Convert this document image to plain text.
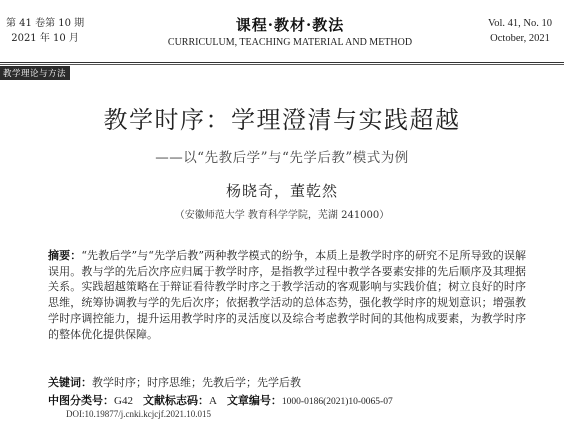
第 41 卷第 10 期
2021 年 10 月
课程·教材·教法
CURRICULUM, TEACHING MATERIAL AND METHOD
Vol. 41, No. 10
October, 2021
教学理论与方法
教学时序：学理澄清与实践超越
——以“先教后学”与“先学后教”模式为例
杨晓奇，董乾然
（安徽师范大学 教育科学学院，芜湖 241000）

摘要：“先教后学”与“先学后教”两种教学模式的纷争，本质上是教学时序的研究不足所导致的误解误用。教与学的先后次序应归属于教学时序，是指教学过程中教学各要素安排的先后顺序及其理据关系。实践超越策略在于辩证看待教学时序之于教学活动的客观影响与实践价值；树立良好的时序思维，统筹协调教与学的先后次序；依据教学活动的总体态势，强化教学时序的规划意识；增强教学时序调控能力，提升运用教学时序的灵活度以及综合考虑教学时间的其他构成要素，为教学时序的整体优化提供保障。

关键词：教学时序；时序思维；先教后学；先学后教
中图分类号：G42 文献标志码：A 文章编号：1000-0186(2021)10-0065-07
DOI:10.19877/j.cnki.kcjcjf.2021.10.015
